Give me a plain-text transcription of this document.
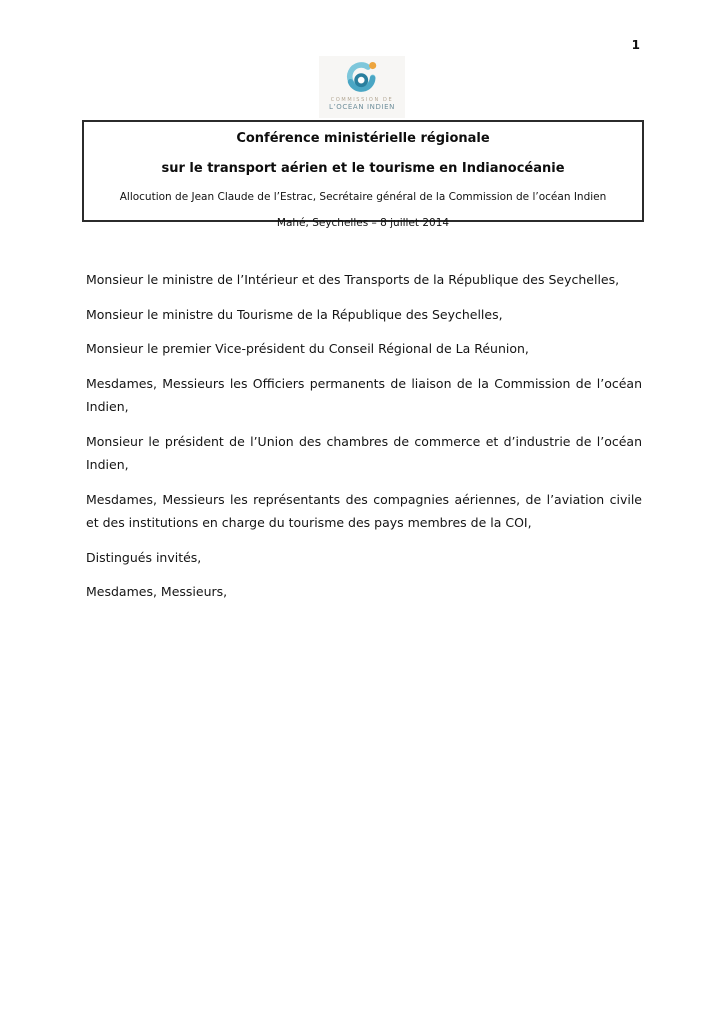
1
COMMISSION DE
L’OCÉAN INDIEN
Conférence ministérielle régionale
sur le transport aérien et le tourisme en Indianocéanie
Allocution de Jean Claude de l’Estrac, Secrétaire général de la Commission de l’océan Indien
Mahé, Seychelles – 8 juillet 2014

Monsieur le ministre de l’Intérieur et des Transports de la République des Seychelles,

Monsieur le ministre du Tourisme de la République des Seychelles,

Monsieur le premier Vice-président du Conseil Régional de La Réunion,

Mesdames, Messieurs les Officiers permanents de liaison de la Commission de l’océan Indien,

Monsieur le président de l’Union des chambres de commerce et d’industrie de l’océan Indien,

Mesdames, Messieurs les représentants des compagnies aériennes, de l’aviation civile et des institutions en charge du tourisme des pays membres de la COI,

Distingués invités,

Mesdames, Messieurs,
